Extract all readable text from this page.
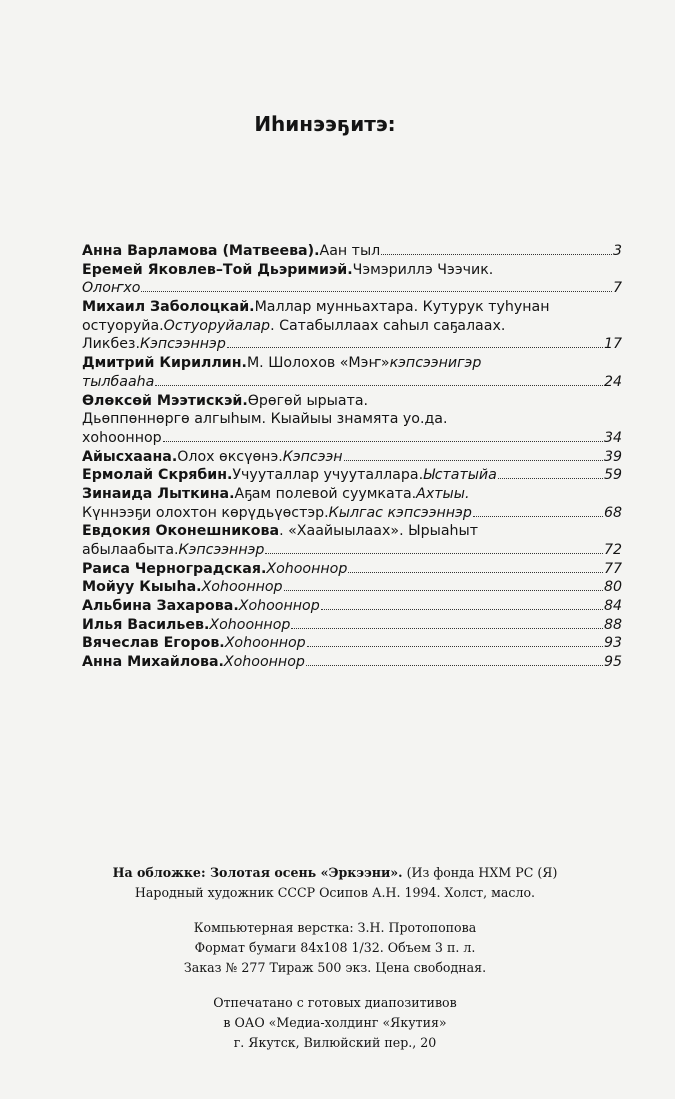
Иһинээҕитэ:
Анна Варламова (Матвеева). Аан тыл	3
Еремей Яковлев–Той Дьэримиэй. Чэмэриллэ Чээчик.
Олоҥхо	7
Михаил Заболоцкай. Маллар мунньахтара. Кутурук туһунан
остуоруйа. Остуоруйалар . Сатабыллаах саһыл саҕалаах.
Ликбез. Кэпсээннэр	17
Дмитрий Кириллин. М. Шолохов «Мэҥ» кэпсээнигэр
тылбааһа	24
Өлөксөй Мээтискэй. Өрөгөй ырыата.
Дьөппөннөргө алгыһым. Кыайыы знамята уо.да.
хоһооннор	34
Айысхаана. Олох өксүөнэ. Кэпсээн	39
Ермолай Скрябин. Учууталлар учууталлара. Ыстатыйа	59
Зинаида Лыткина. Аҕам полевой суумката. Ахтыы.
Күннээҕи олохтон көрүдьүөстэр. Кылгас кэпсээннэр	68
Евдокия Оконешникова . «Хаайыылаах». Ырыаһыт
абылаабыта. Кэпсээннэр	72
Раиса Черноградская. Хоһооннор	77
Мойуу Кыыһа. Хоһооннор	80
Альбина Захарова. Хоһооннор	84
Илья Васильев. Хоһооннор	88
Вячеслав Егоров. Хоһооннор	93
Анна Михайлова. Хоһооннор	95

На обложке: Золотая осень «Эркээни». (Из фонда НХМ РС (Я)

Народный художник СССР Осипов А.Н. 1994. Холст, масло.

Компьютерная верстка: З.Н. Протопопова

Формат бумаги 84х108 1/32. Объем 3 п. л.

Заказ № 277 Тираж 500 экз. Цена свободная.

Отпечатано с готовых диапозитивов

в ОАО «Медиа-холдинг «Якутия»

г. Якутск, Вилюйский пер., 20
